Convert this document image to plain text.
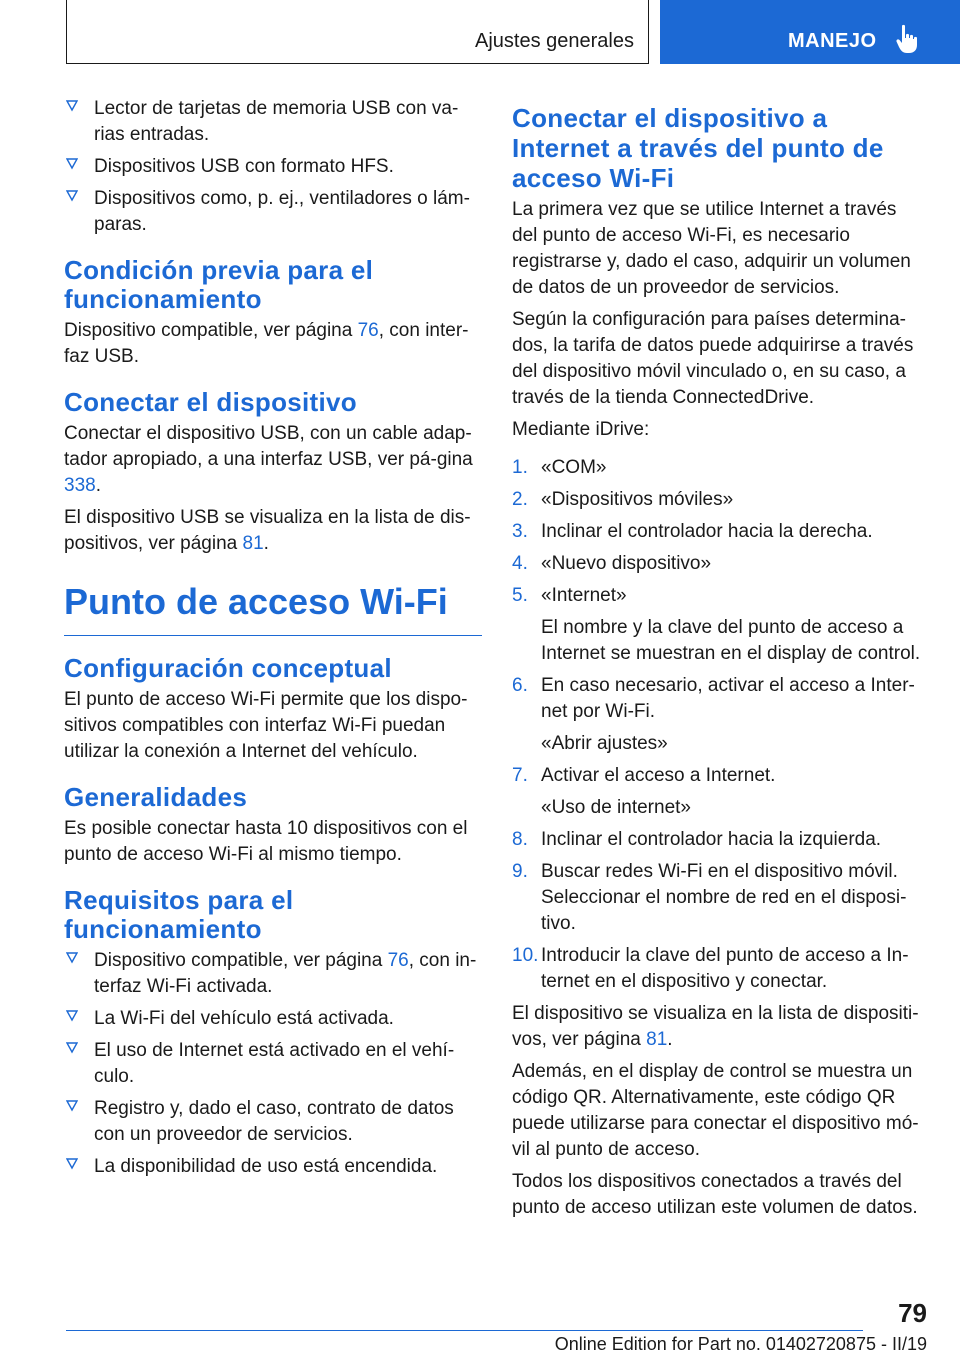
Ajustes generales	MANEJO
Lector de tarjetas de memoria USB con va-rias entradas.
Dispositivos USB con formato HFS.
Dispositivos como, p. ej., ventiladores o lám-paras.
Condición previa para el funcionamiento

Dispositivo compatible, ver página 76, con inter-faz USB.

Conectar el dispositivo

Conectar el dispositivo USB, con un cable adap-tador apropiado, a una interfaz USB, ver pá-gina 338.

El dispositivo USB se visualiza en la lista de dis-positivos, ver página 81.

Punto de acceso Wi-Fi
Configuración conceptual

El punto de acceso Wi-Fi permite que los dispo-sitivos compatibles con interfaz Wi-Fi puedan utilizar la conexión a Internet del vehículo.

Generalidades

Es posible conectar hasta 10 dispositivos con el punto de acceso Wi-Fi al mismo tiempo.

Requisitos para el funcionamiento
Dispositivo compatible, ver página 76, con in-terfaz Wi-Fi activada.
La Wi-Fi del vehículo está activada.
El uso de Internet está activado en el vehí-culo.
Registro y, dado el caso, contrato de datos con un proveedor de servicios.
La disponibilidad de uso está encendida.
Conectar el dispositivo a Internet a través del punto de acceso Wi-Fi

La primera vez que se utilice Internet a través del punto de acceso Wi-Fi, es necesario registrarse y, dado el caso, adquirir un volumen de datos de un proveedor de servicios.

Según la configuración para países determina-dos, la tarifa de datos puede adquirirse a través del dispositivo móvil vinculado o, en su caso, a través de la tienda ConnectedDrive.

Mediante iDrive:

1. «COM»
2. «Dispositivos móviles»
3. Inclinar el controlador hacia la derecha.
4. «Nuevo dispositivo»
5. «Internet»
El nombre y la clave del punto de acceso a Internet se muestran en el display de control.
6. En caso necesario, activar el acceso a Inter-net por Wi-Fi.
«Abrir ajustes»
7. Activar el acceso a Internet.
«Uso de internet»
8. Inclinar el controlador hacia la izquierda.
9. Buscar redes Wi-Fi en el dispositivo móvil. Seleccionar el nombre de red en el disposi-tivo.
10. Introducir la clave del punto de acceso a In-ternet en el dispositivo y conectar.

El dispositivo se visualiza en la lista de dispositi-vos, ver página 81.

Además, en el display de control se muestra un código QR. Alternativamente, este código QR puede utilizarse para conectar el dispositivo mó-vil al punto de acceso.

Todos los dispositivos conectados a través del punto de acceso utilizan este volumen de datos.

79
Online Edition for Part no. 01402720875 - II/19
